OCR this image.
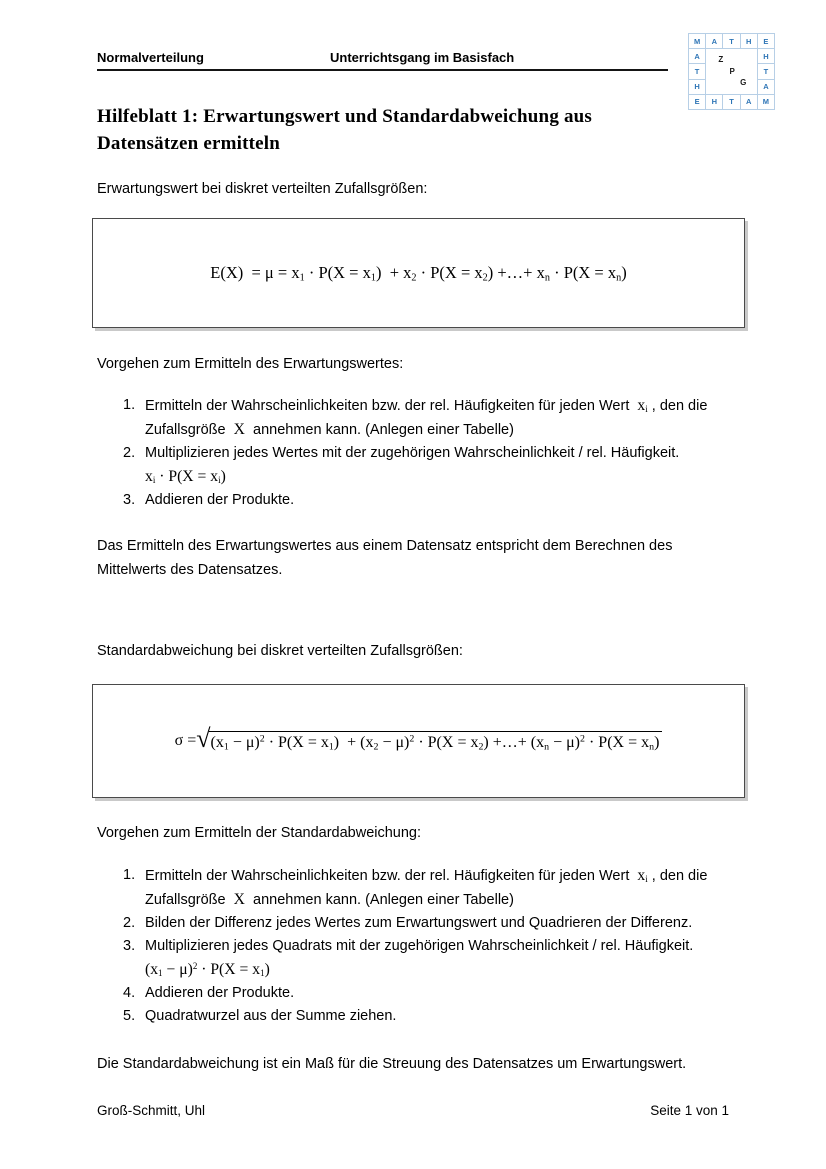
Z
P
G
M	A	T	H	E
A	H
T	T
H	A
E	H	T	A	M
Normalverteilung	Unterrichtsgang im Basisfach
Hilfeblatt 1: Erwartungswert und Standardabweichung aus Datensätzen ermitteln

Erwartungswert bei diskret verteilten Zufallsgrößen:

$E(X) = \mu = x_1 \cdot P(X = x_1) + x_2 \cdot P(X = x_2)$ +…+ $x_n \cdot P(X = x_n)$

Vorgehen zum Ermitteln des Erwartungswertes:

1. Ermitteln der Wahrscheinlichkeiten bzw. der rel. Häufigkeiten für jeden Wert  $x_i$ , den die Zufallsgröße  X  annehmen kann. (Anlegen einer Tabelle)
2. Multiplizieren jedes Wertes mit der zugehörigen Wahrscheinlichkeit / rel. Häufigkeit.
$x_i \cdot P(X = x_i)$
3. Addieren der Produkte.

Das Ermitteln des Erwartungswertes aus einem Datensatz entspricht dem Berechnen des Mittelwerts des Datensatzes.

Standardabweichung bei diskret verteilten Zufallsgrößen:

σ = √ $(x_1 - \mu)^2 \cdot P(X = x_1) + (x_2 - \mu)^2 \cdot P(X = x_2)$ +…+ $(x_n - \mu)^2 \cdot P(X = x_n)$

Vorgehen zum Ermitteln der Standardabweichung:

1. Ermitteln der Wahrscheinlichkeiten bzw. der rel. Häufigkeiten für jeden Wert  $x_i$ , den die Zufallsgröße  X  annehmen kann. (Anlegen einer Tabelle)
2. Bilden der Differenz jedes Wertes zum Erwartungswert und Quadrieren der Differenz.
3. Multiplizieren jedes Quadrats mit der zugehörigen Wahrscheinlichkeit / rel. Häufigkeit.
$(x_1 - \mu)^2 \cdot P(X = x_1)$
4. Addieren der Produkte.
5. Quadratwurzel aus der Summe ziehen.

Die Standardabweichung ist ein Maß für die Streuung des Datensatzes um Erwartungswert.

Groß-Schmitt, Uhl	Seite 1 von 1
